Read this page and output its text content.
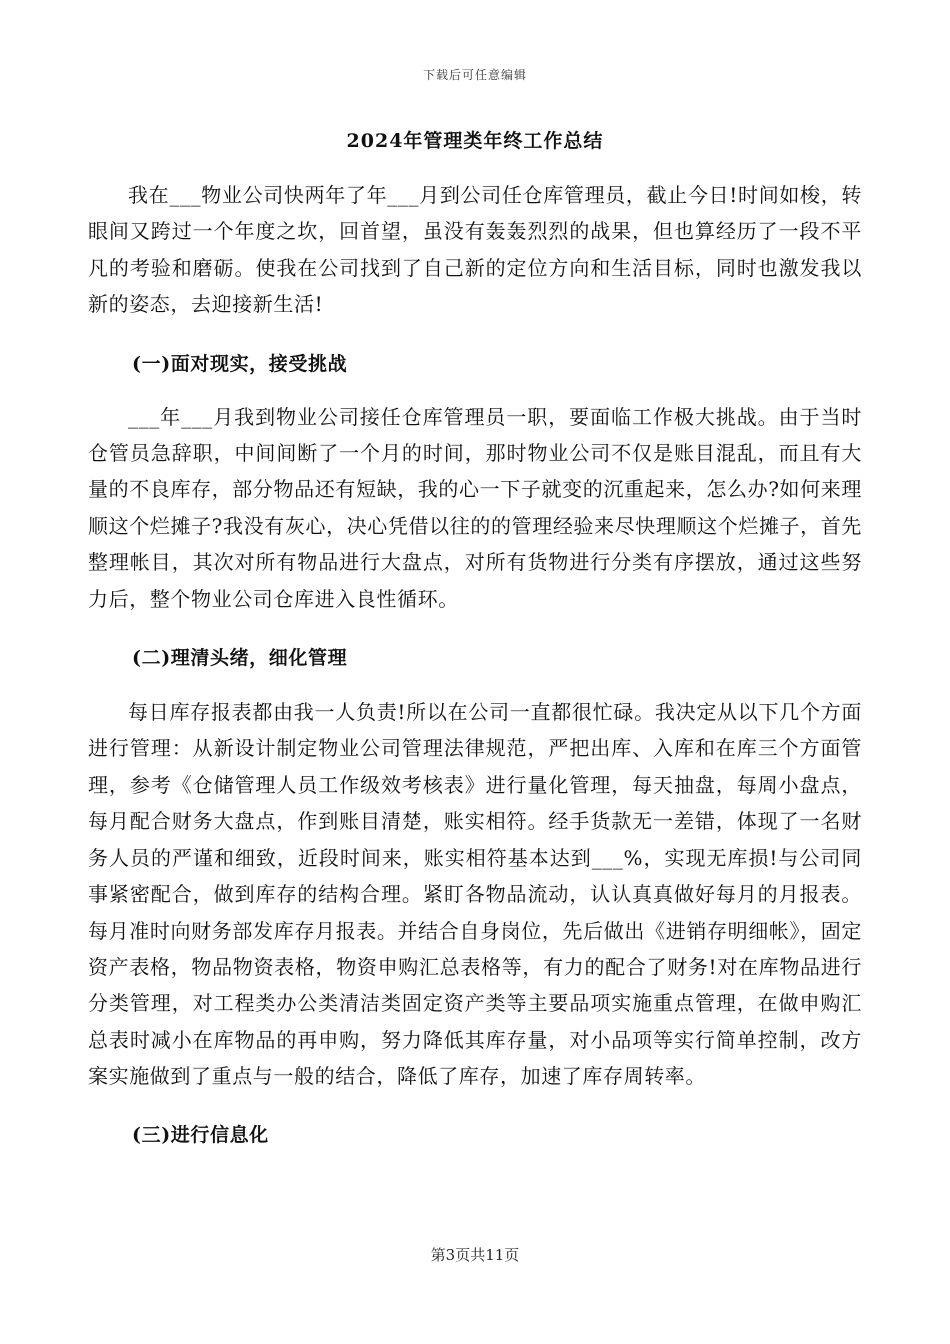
下载后可任意编辑
2024年管理类年终工作总结

我在___物业公司快两年了年___月到公司任仓库管理员，截止今日!时间如梭，转眼间又跨过一个年度之坎，回首望，虽没有轰轰烈烈的战果，但也算经历了一段不平凡的考验和磨砺。使我在公司找到了自己新的定位方向和生活目标，同时也激发我以新的姿态，去迎接新生活!

(一)面对现实，接受挑战

___年___月我到物业公司接任仓库管理员一职，要面临工作极大挑战。由于当时仓管员急辞职，中间间断了一个月的时间，那时物业公司不仅是账目混乱，而且有大量的不良库存，部分物品还有短缺，我的心一下子就变的沉重起来，怎么办?如何来理顺这个烂摊子?我没有灰心，决心凭借以往的的管理经验来尽快理顺这个烂摊子，首先整理帐目，其次对所有物品进行大盘点，对所有货物进行分类有序摆放，通过这些努力后，整个物业公司仓库进入良性循环。

(二)理清头绪，细化管理

每日库存报表都由我一人负责!所以在公司一直都很忙碌。我决定从以下几个方面进行管理：从新设计制定物业公司管理法律规范，严把出库、入库和在库三个方面管理，参考《仓储管理人员工作级效考核表》进行量化管理，每天抽盘，每周小盘点，每月配合财务大盘点，作到账目清楚，账实相符。经手货款无一差错，体现了一名财务人员的严谨和细致，近段时间来，账实相符基本达到___%，实现无库损!与公司同事紧密配合，做到库存的结构合理。紧盯各物品流动，认认真真做好每月的月报表。每月准时向财务部发库存月报表。并结合自身岗位，先后做出《进销存明细帐》，固定资产表格，物品物资表格，物资申购汇总表格等，有力的配合了财务!对在库物品进行分类管理，对工程类办公类清洁类固定资产类等主要品项实施重点管理，在做申购汇总表时减小在库物品的再申购，努力降低其库存量，对小品项等实行简单控制，改方案实施做到了重点与一般的结合，降低了库存，加速了库存周转率。

(三)进行信息化
第3页共11页
